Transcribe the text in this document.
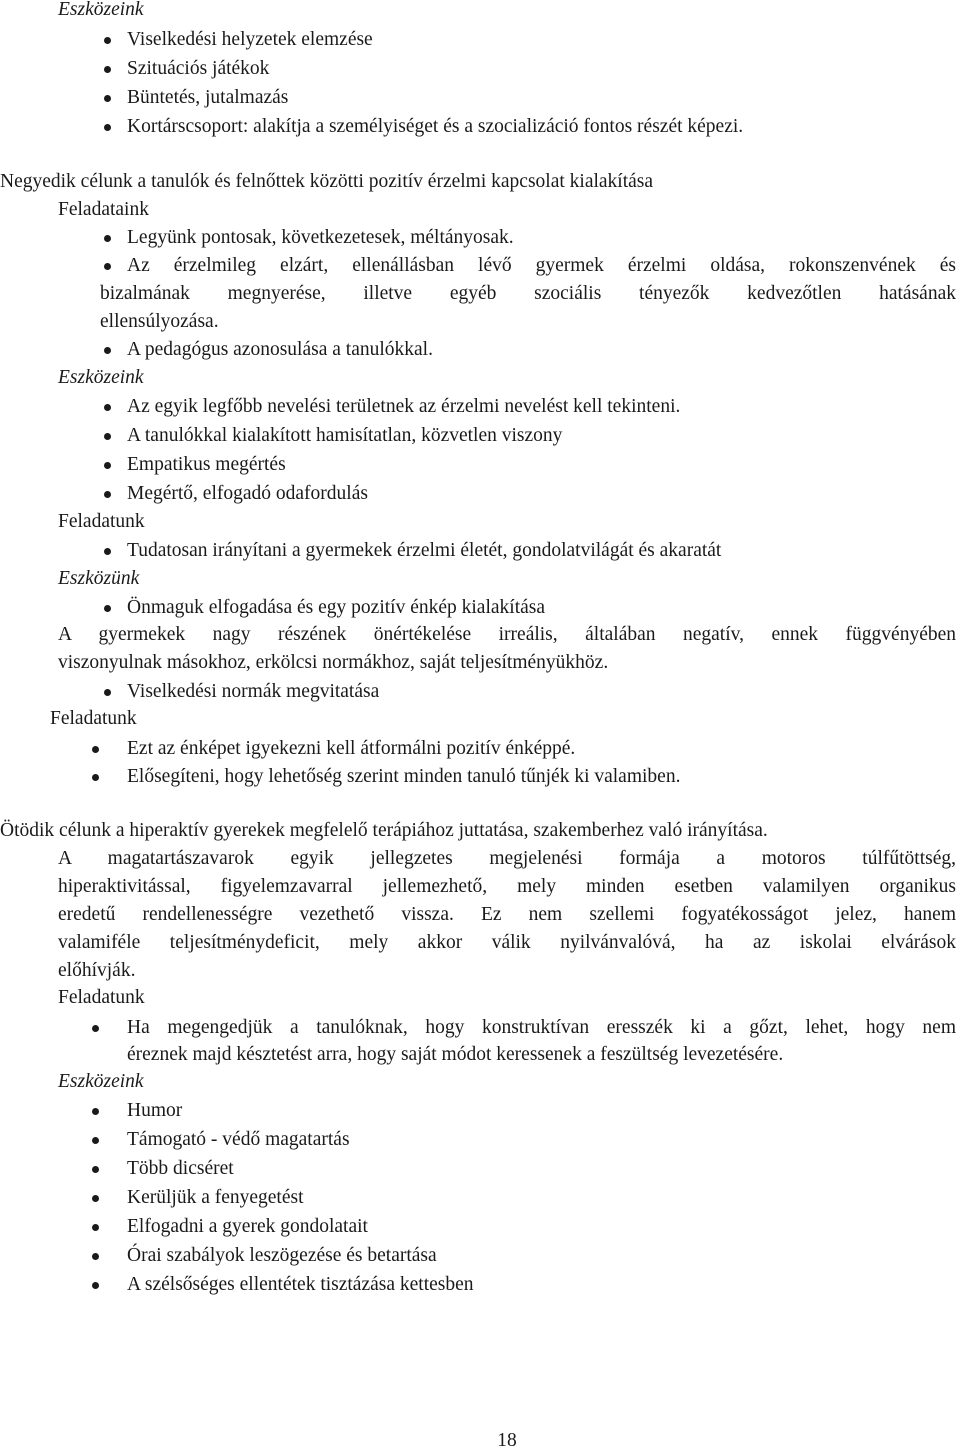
Eszközeink
Viselkedési helyzetek elemzése
Szituációs játékok
Büntetés, jutalmazás
Kortárscsoport: alakítja a személyiséget és a szocializáció fontos részét képezi.
Negyedik célunk a tanulók és felnőttek közötti pozitív érzelmi kapcsolat kialakítása
Feladataink
Legyünk pontosak, következetesek, méltányosak.
Az érzelmileg elzárt, ellenállásban lévő gyermek érzelmi oldása, rokonszenvének és
bizalmának megnyerése, illetve egyéb szociális tényezők kedvezőtlen hatásának
ellensúlyozása.
A pedagógus azonosulása a tanulókkal.
Eszközeink
Az egyik legfőbb nevelési területnek az érzelmi nevelést kell tekinteni.
A tanulókkal kialakított hamisítatlan, közvetlen viszony
Empatikus megértés
Megértő, elfogadó odafordulás
Feladatunk
Tudatosan irányítani a gyermekek érzelmi életét, gondolatvilágát és akaratát
Eszközünk
Önmaguk elfogadása és egy pozitív énkép kialakítása
A gyermekek nagy részének önértékelése irreális, általában negatív, ennek függvényében
viszonyulnak másokhoz, erkölcsi normákhoz, saját teljesítményükhöz.
Viselkedési normák megvitatása
Feladatunk
Ezt az énképet igyekezni kell átformálni pozitív énképpé.
Elősegíteni, hogy lehetőség szerint minden tanuló tűnjék ki valamiben.
Ötödik célunk a hiperaktív gyerekek megfelelő terápiához juttatása, szakemberhez való irányítása.
A magatartászavarok egyik jellegzetes megjelenési formája a motoros túlfűtöttség,
hiperaktivitással, figyelemzavarral jellemezhető, mely minden esetben valamilyen organikus
eredetű rendellenességre vezethető vissza. Ez nem szellemi fogyatékosságot jelez, hanem
valamiféle teljesítménydeficit, mely akkor válik nyilvánvalóvá, ha az iskolai elvárások
előhívják.
Feladatunk
Ha megengedjük a tanulóknak, hogy konstruktívan eresszék ki a gőzt, lehet, hogy nem
éreznek majd késztetést arra, hogy saját módot keressenek a feszültség levezetésére.
Eszközeink
Humor
Támogató - védő magatartás
Több dicséret
Kerüljük a fenyegetést
Elfogadni a gyerek gondolatait
Órai szabályok leszögezése és betartása
A szélsőséges ellentétek tisztázása kettesben
18
